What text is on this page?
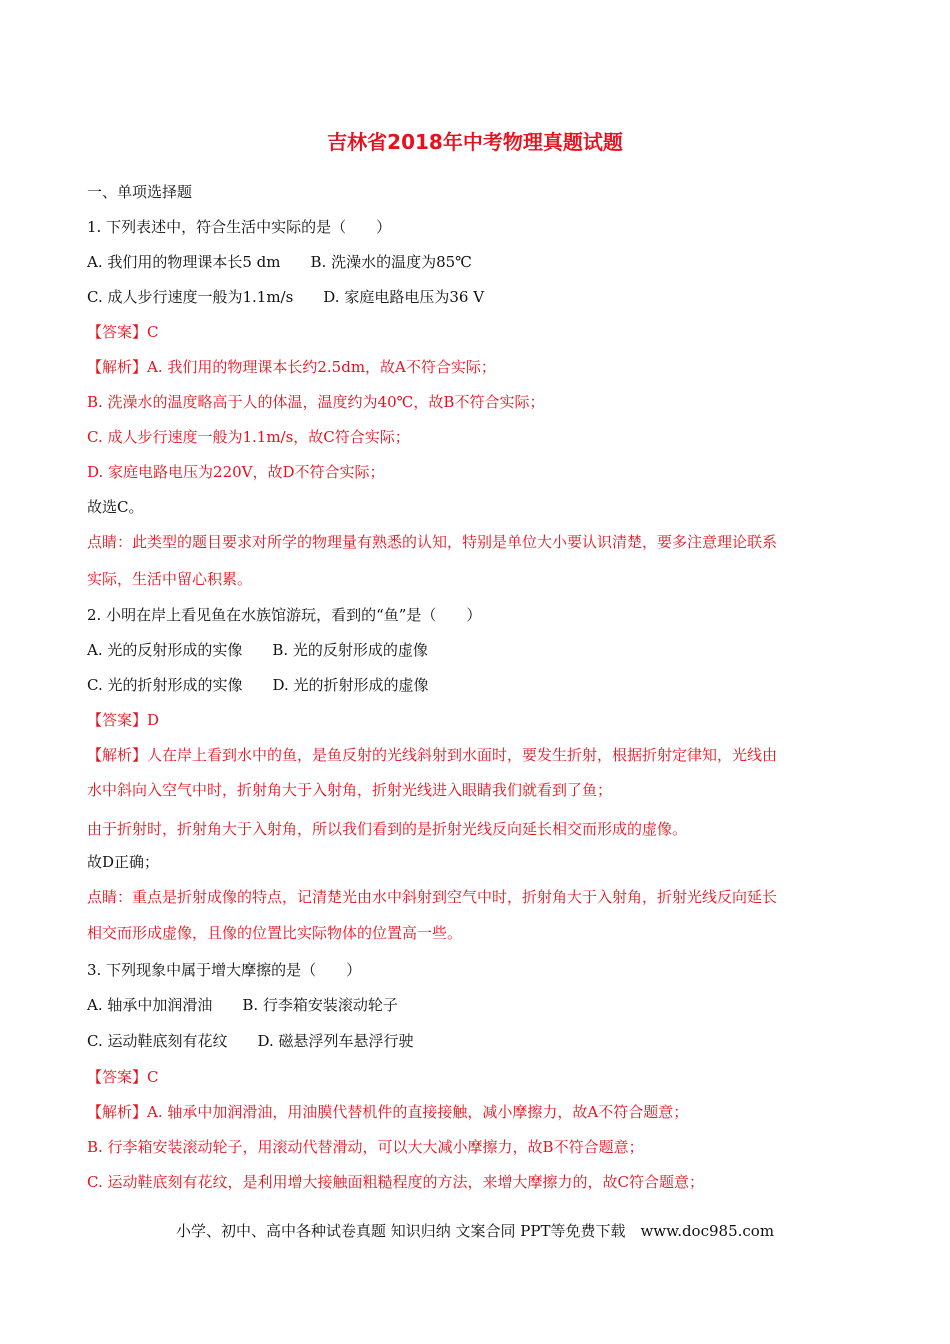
吉林省2018年中考物理真题试题
一、单项选择题
1. 下列表述中，符合生活中实际的是（　　）
A. 我们用的物理课本长5 dm　　B. 洗澡水的温度为85℃
C. 成人步行速度一般为1.1m/s　　D. 家庭电路电压为36 V
【答案】C
【解析】A. 我们用的物理课本长约2.5dm，故A不符合实际；
B. 洗澡水的温度略高于人的体温，温度约为40℃，故B不符合实际；
C. 成人步行速度一般为1.1m/s，故C符合实际；
D. 家庭电路电压为220V，故D不符合实际；
故选C。
点睛：此类型的题目要求对所学的物理量有熟悉的认知，特别是单位大小要认识清楚，要多注意理论联系
实际，生活中留心积累。
2. 小明在岸上看见鱼在水族馆游玩，看到的“鱼”是（　　）
A. 光的反射形成的实像　　B. 光的反射形成的虚像
C. 光的折射形成的实像　　D. 光的折射形成的虚像
【答案】D
【解析】人在岸上看到水中的鱼，是鱼反射的光线斜射到水面时，要发生折射，根据折射定律知，光线由
水中斜向入空气中时，折射角大于入射角，折射光线进入眼睛我们就看到了鱼；
由于折射时，折射角大于入射角，所以我们看到的是折射光线反向延长相交而形成的虚像。
故D正确；
点睛：重点是折射成像的特点，记清楚光由水中斜射到空气中时，折射角大于入射角，折射光线反向延长
相交而形成虚像，且像的位置比实际物体的位置高一些。
3. 下列现象中属于增大摩擦的是（　　）
A. 轴承中加润滑油　　B. 行李箱安装滚动轮子
C. 运动鞋底刻有花纹　　D. 磁悬浮列车悬浮行驶
【答案】C
【解析】A. 轴承中加润滑油，用油膜代替机件的直接接触，减小摩擦力，故A不符合题意；
B. 行李箱安装滚动轮子，用滚动代替滑动，可以大大减小摩擦力，故B不符合题意；
C. 运动鞋底刻有花纹，是利用增大接触面粗糙程度的方法，来增大摩擦力的，故C符合题意；
小学、初中、高中各种试卷真题 知识归纳 文案合同 PPT等免费下载　www.doc985.com
